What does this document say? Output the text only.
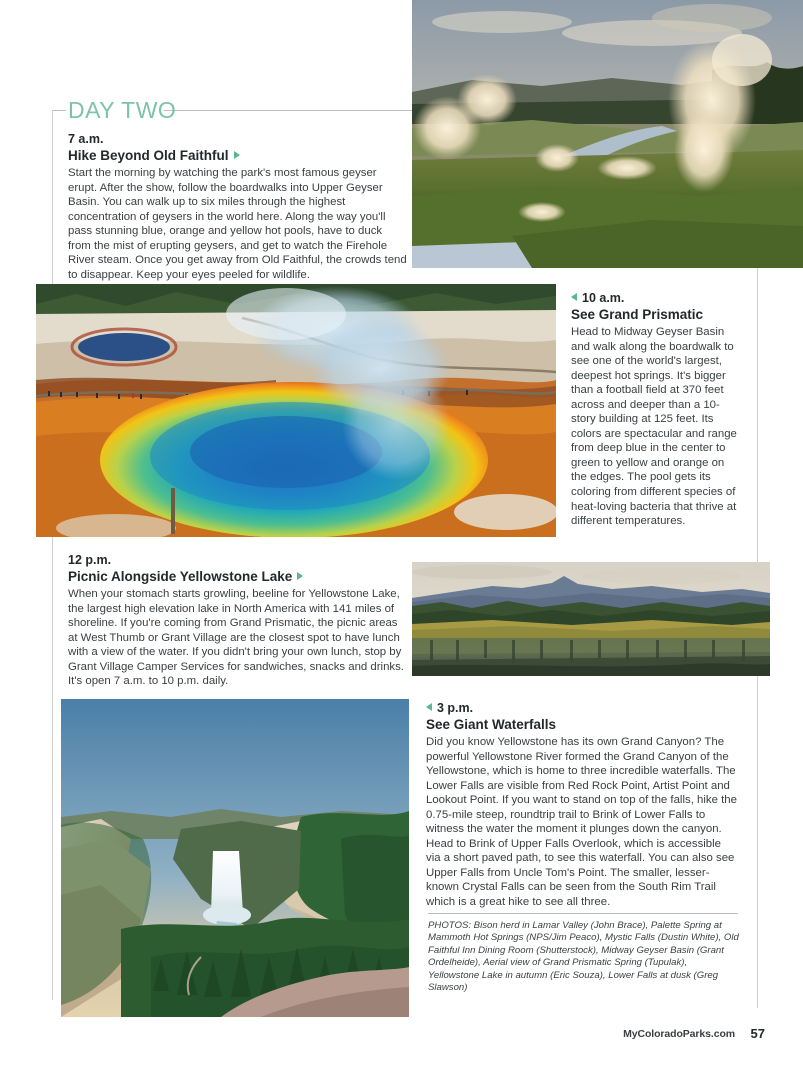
DAY TWO

7 a.m.

Hike Beyond Old Faithful

Start the morning by watching the park's most famous geyser erupt. After the show, follow the boardwalks into Upper Geyser Basin. You can walk up to six miles through the highest concentration of geysers in the world here. Along the way you'll pass stunning blue, orange and yellow hot pools, have to duck from the mist of erupting geysers, and get to watch the Firehole River steam. Once you get away from Old Faithful, the crowds tend to disappear. Keep your eyes peeled for wildlife.

10 a.m.

See Grand Prismatic

Head to Midway Geyser Basin and walk along the boardwalk to see one of the world's largest, deepest hot springs. It's bigger than a football field at 370 feet across and deeper than a 10-story building at 125 feet. Its colors are spectacular and range from deep blue in the center to green to yellow and orange on the edges. The pool gets its coloring from different species of heat-loving bacteria that thrive at different temperatures.

12 p.m.

Picnic Alongside Yellowstone Lake

When your stomach starts growling, beeline for Yellowstone Lake, the largest high elevation lake in North America with 141 miles of shoreline. If you're coming from Grand Prismatic, the picnic areas at West Thumb or Grant Village are the closest spot to have lunch with a view of the water. If you didn't bring your own lunch, stop by Grant Village Camper Services for sandwiches, snacks and drinks. It's open 7 a.m. to 10 p.m. daily.

3 p.m.

See Giant Waterfalls

Did you know Yellowstone has its own Grand Canyon? The powerful Yellowstone River formed the Grand Canyon of the Yellowstone, which is home to three incredible waterfalls. The Lower Falls are visible from Red Rock Point, Artist Point and Lookout Point. If you want to stand on top of the falls, hike the 0.75-mile steep, roundtrip trail to Brink of Lower Falls to witness the water the moment it plunges down the canyon. Head to Brink of Upper Falls Overlook, which is accessible via a short paved path, to see this waterfall. You can also see Upper Falls from Uncle Tom's Point. The smaller, lesser-known Crystal Falls can be seen from the South Rim Trail which is a great hike to see all three.

PHOTOS: Bison herd in Lamar Valley (John Brace), Palette Spring at Mammoth Hot Springs (NPS/Jim Peaco), Mystic Falls (Dustin White), Old Faithful Inn Dining Room (Shutterstock), Midway Geyser Basin (Grant Ordelheide), Aerial view of Grand Prismatic Spring (Tupulak), Yellowstone Lake in autumn (Eric Souza), Lower Falls at dusk (Greg Slawson)
MyColoradoParks.com 57
